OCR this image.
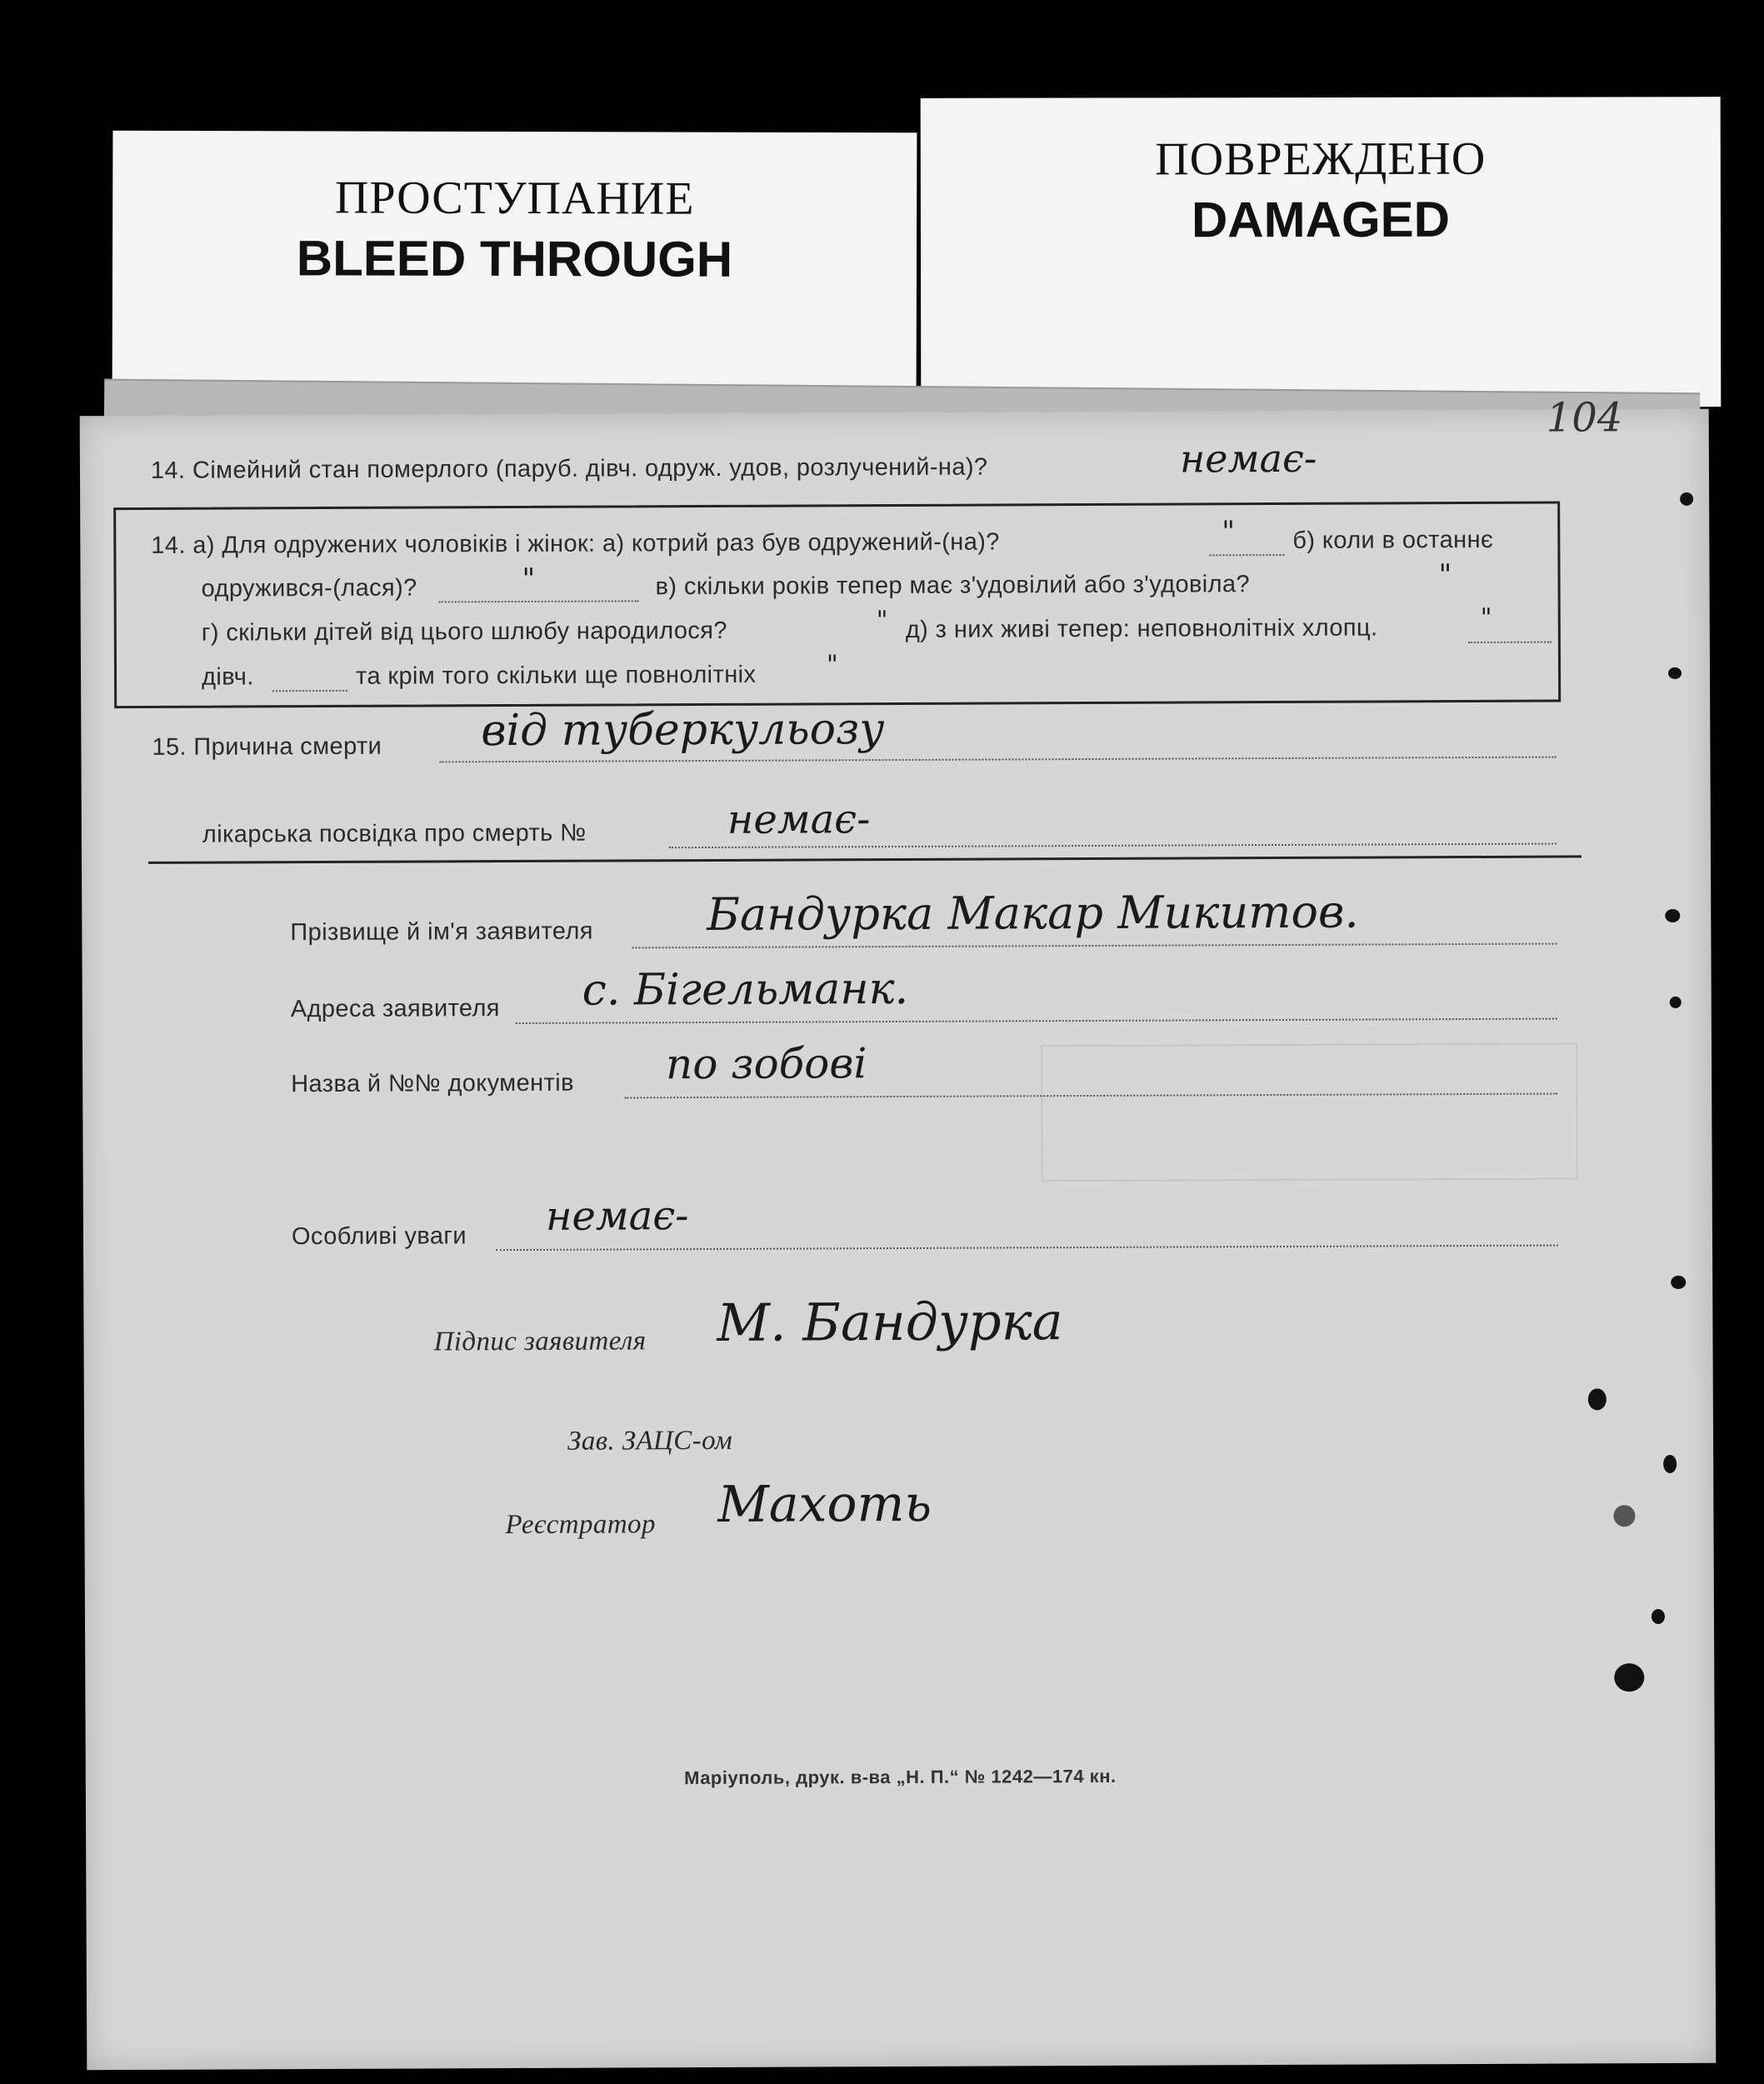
ПРОСТУПАНИЕ
BLEED THROUGH
ПОВРЕЖДЕНО
DAMAGED
104
14. Сімейний стан померлого (паруб. дівч. одруж. удов, розлучений-на)?	немає-
14. а) Для одружених чоловіків і жінок: а) котрий раз був одружений-(на)?	" б) коли в останнє
одружився-(лася)?	"	в) скільки років тепер має з'удовілий або з'удовіла?	"
г) скільки дітей від цього шлюбу народилося?	" д) з них живі тепер: неповнолітніх хлопц.	"
дівч.	та крім того скільки ще повнолітніх	"
15. Причина смерти від туберкульозу
лікарська посвідка про смерть №	немає-
Прізвище й ім'я заявителя	Бандурка Макар Микитов.
Адреса заявителя с. Бігельманк.
Назва й №№ документів по зобові
Особливі уваги немає-
Підпис заявителя М. Бандурка
Зав. ЗАЦС-ом
Реєстратор Махоть
Маріуполь, друк. в-ва „Н. П.“ № 1242—174 кн.
